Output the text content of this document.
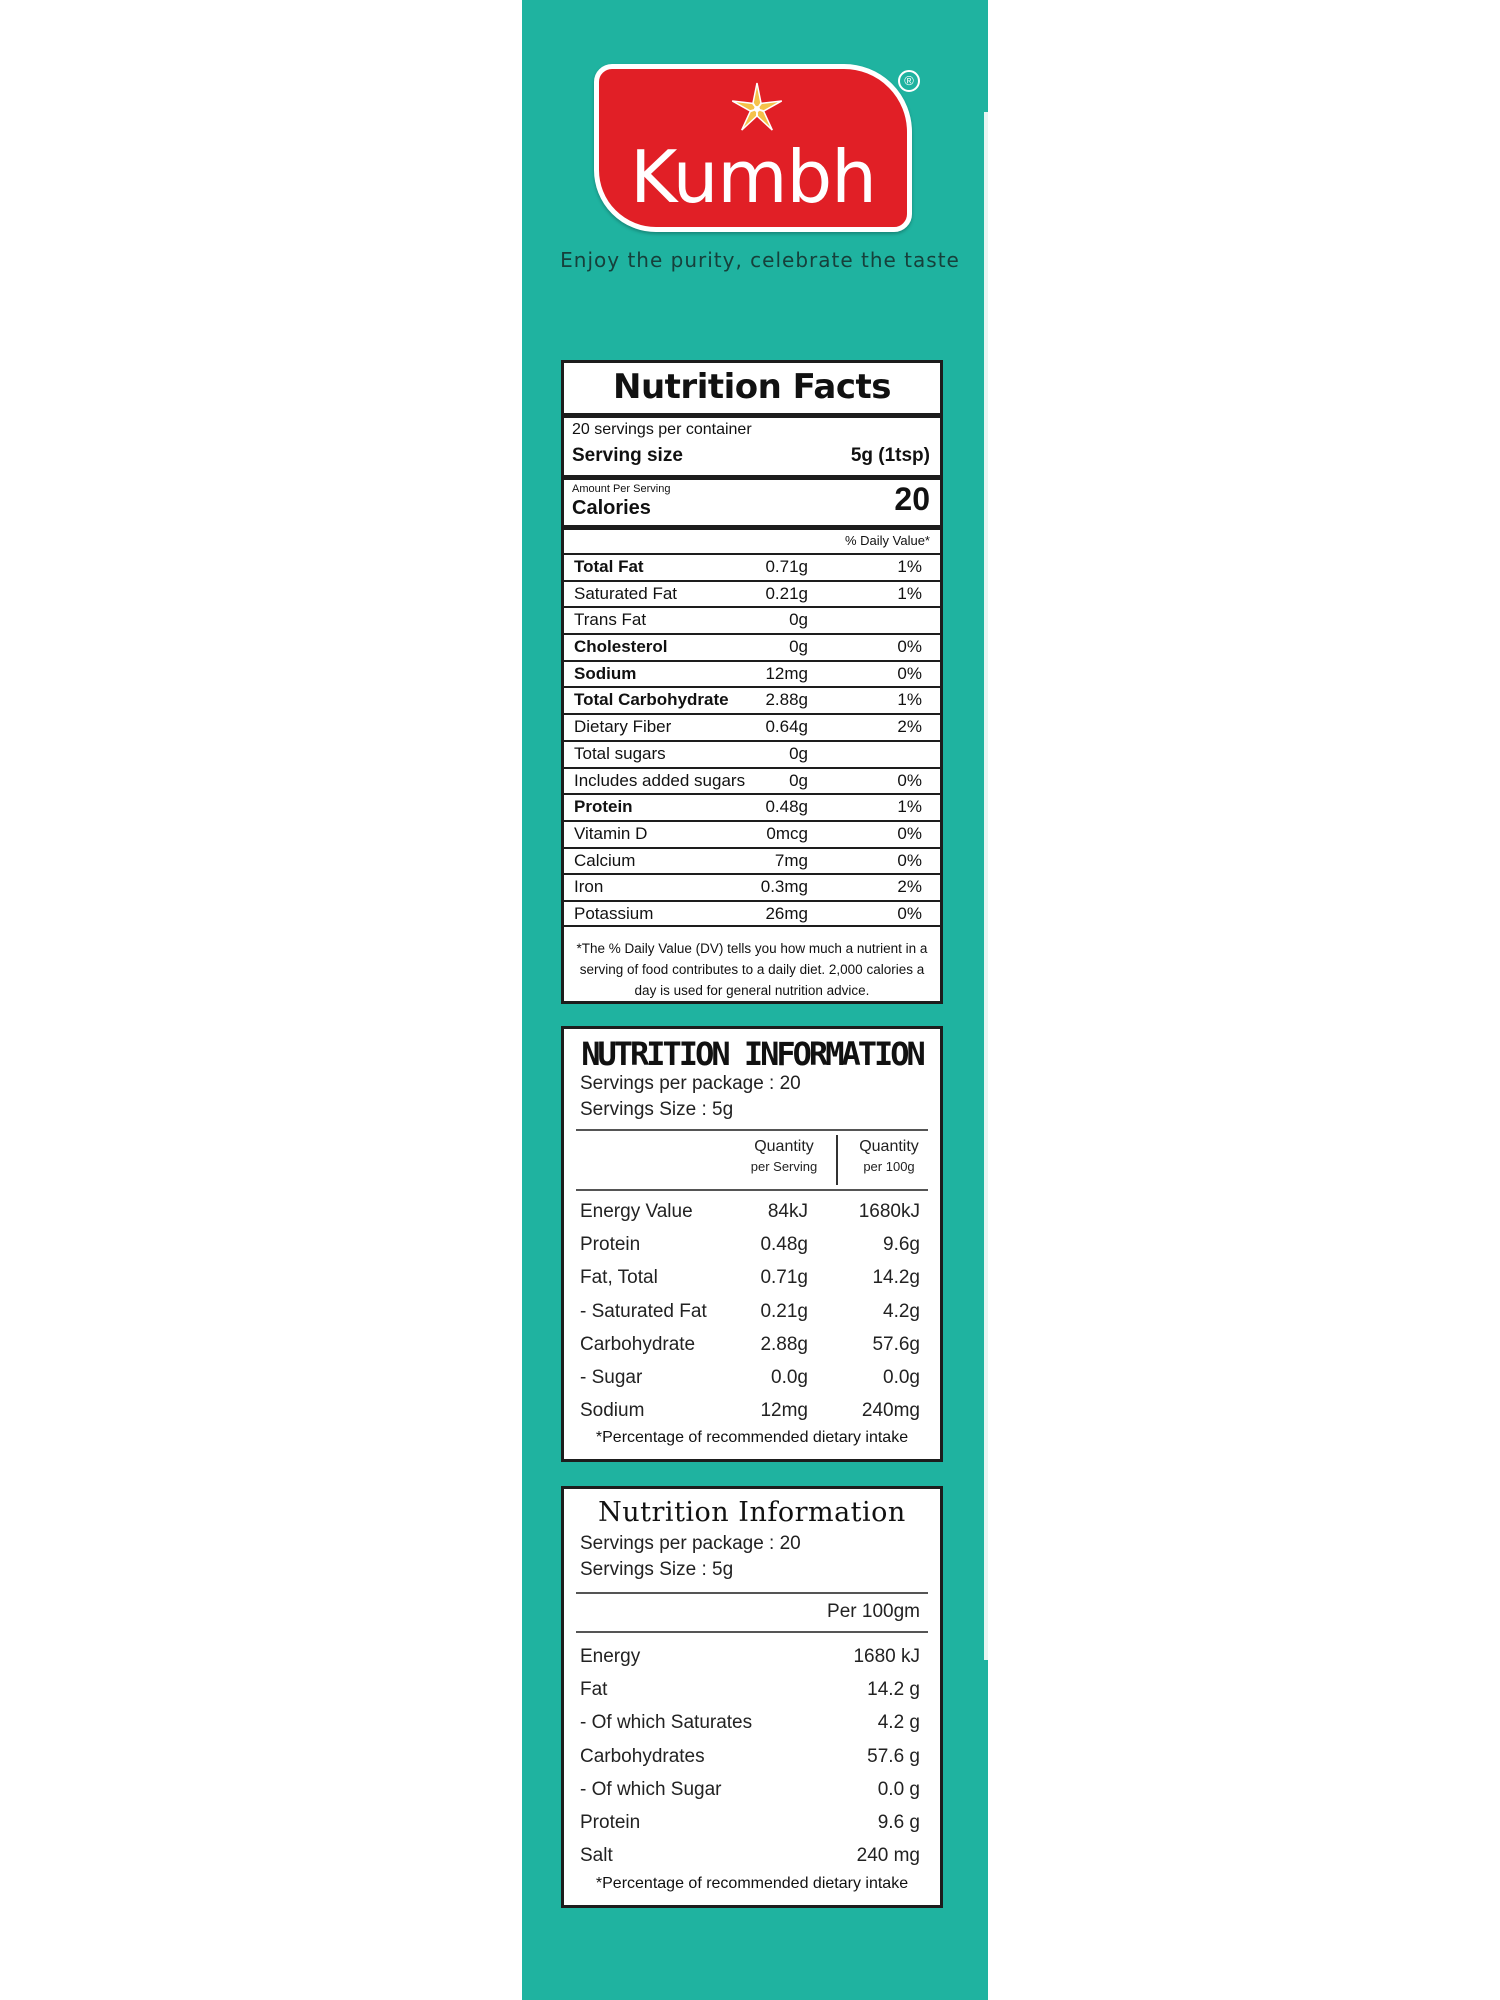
Kumbh
®
Enjoy the purity, celebrate the taste
Nutrition Facts
20 servings per container
Serving size	5g (1tsp)
Amount Per Serving
Calories	20
% Daily Value*
Total Fat	0.71g	1%
Saturated Fat	0.21g	1%
Trans Fat	0g
Cholesterol	0g	0%
Sodium	12mg	0%
Total Carbohydrate 2.88g	1%
Dietary Fiber	0.64g	2%
Total sugars	0g
Includes added sugars	0g	0%
Protein	0.48g	1%
Vitamin D	0mcg	0%
Calcium	7mg	0%
Iron	0.3mg	2%
Potassium	26mg	0%
*The % Daily Value (DV) tells you how much a nutrient in a serving of food contributes to a daily diet. 2,000 calories a day is used for general nutrition advice.
NUTRITION INFORMATION
Servings per package : 20
Servings Size : 5g
Quantity
per Serving
Quantity
per 100g
Energy Value	84kJ	1680kJ
Protein	0.48g	9.6g
Fat, Total	0.71g	14.2g
- Saturated Fat	0.21g	4.2g
Carbohydrate	2.88g	57.6g
- Sugar	0.0g	0.0g
Sodium	12mg	240mg
*Percentage of recommended dietary intake
Nutrition Information
Servings per package : 20
Servings Size : 5g
Per 100gm
Energy	1680 kJ
Fat	14.2 g
- Of which Saturates	4.2 g
Carbohydrates	57.6 g
- Of which Sugar	0.0 g
Protein	9.6 g
Salt	240 mg
*Percentage of recommended dietary intake
